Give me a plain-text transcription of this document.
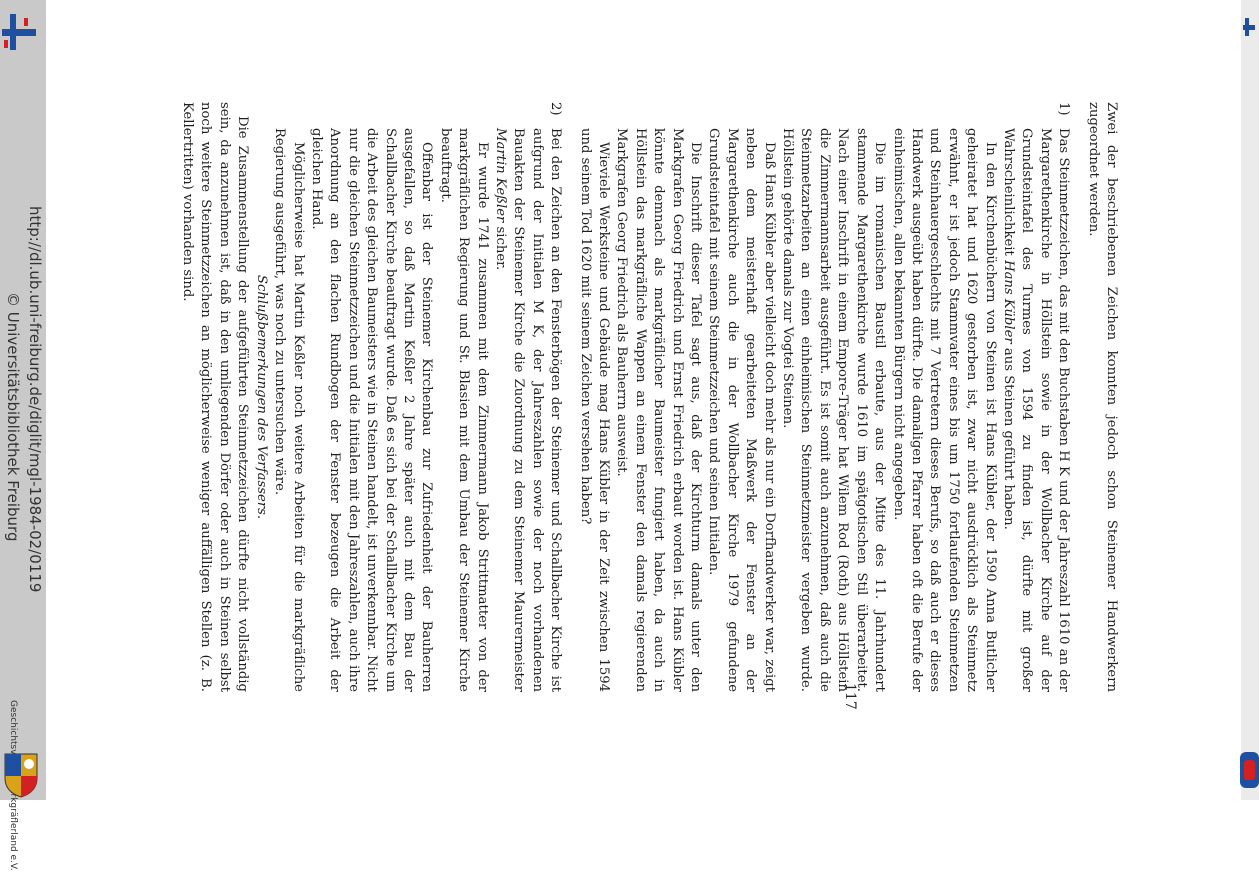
http://dl.ub.uni-freiburg.de/diglit/mgl-1984-02/0119
© Universitätsbibliothek Freiburg	Zwei der beschriebenen Zeichen konnten jedoch schon Steinemer Handwerkern zugeordnet werden.

1)

Das Steinmetzzeichen, das mit den Buchstaben H K und der Jahreszahl 1610 an der Margarethenkirche in Höllstein sowie in der Wollbacher Kirche auf der Grundsteintafel des Turmes von 1594 zu finden ist, dürfte mit großer Wahrscheinlichkeit Hans Kübler aus Steinen geführt haben.

In den Kirchenbüchern von Steinen ist Hans Kübler, der 1590 Anna Butlicher geheiratet hat und 1620 gestorben ist, zwar nicht ausdrücklich als Steinmetz erwähnt, er ist jedoch Stammvater eines bis um 1750 fortlaufenden Steinmetzen und Steinhauergeschlechts mit 7 Vertretern dieses Berufs, so daß auch er dieses Handwerk ausgeübt haben dürfte. Die damaligen Pfarrer haben oft die Berufe der einheimischen, allen bekannten Bürgern nicht angegeben.

Die im romanischen Baustil erbaute, aus der Mitte des 11. Jahrhundert stammende Margarethenkirche wurde 1610 im spätgotischen Stil überarbeitet. Nach einer Inschrift in einem Empore-Träger hat Wilem Rod (Roth) aus Höllstein die Zimmermannsarbeit ausgeführt. Es ist somit auch anzunehmen, daß auch die Steinmetzarbeiten an einen einheimischen Steinmetzmeister vergeben wurde. Höllstein gehörte damals zur Vogtei Steinen.

Daß Hans Kübler aber vielleicht doch mehr als nur ein Dorfhandwerker war, zeigt neben dem meisterhaft gearbeiteten Maßwerk der Fenster an der Margarethenkirche auch die in der Wollbacher Kirche 1979 gefundene Grundsteintafel mit seinem Steinmetzzeichen und seinen Initialen.

Die Inschrift dieser Tafel sagt aus, daß der Kirchturm damals unter den Markgrafen Georg Friedrich und Ernst Friedrich erbaut worden ist. Hans Kübler könnte demnach als markgräflicher Baumeister fungiert haben, da auch in Höllstein das markgräfliche Wappen an einem Fenster den damals regierenden Markgrafen Georg Friedrich als Bauherrn ausweist.

Wieviele Werksteine und Gebäude mag Hans Kübler in der Zeit zwischen 1594 und seinem Tod 1620 mit seinem Zeichen versehen haben?

2)

Bei den Zeichen an den Fensterbögen der Steinemer und Schallbacher Kirche ist aufgrund der Initialen M K, der Jahreszahlen sowie der noch vorhandenen Bauakten der Steinemer Kirche die Zuordnung zu dem Steinemer Maurermeister Martin Keßler sicher.

Er wurde 1741 zusammen mit dem Zimmermann Jakob Strittmatter von der markgräflichen Regierung und St. Blasien mit dem Umbau der Steinemer Kirche beauftragt.

Offenbar ist der Steinemer Kirchenbau zur Zufriedenheit der Bauherren ausgefallen, so daß Martin Keßler 2 Jahre später auch mit dem Bau der Schallbacher Kirche beauftragt wurde. Daß es sich bei der Schallbacher Kirche um die Arbeit des gleichen Baumeisters wie in Steinen handelt, ist unverkennbar. Nicht nur die gleichen Steinmetzzeichen und die Initialen mit den Jahreszahlen, auch ihre Anordnung an den flachen Rundbogen der Fenster bezeugen die Arbeit der gleichen Hand.

Möglicherweise hat Martin Keßler noch weitere Arbeiten für die markgräfliche Regierung ausgeführt, was noch zu untersuchen wäre.

Schlußbemerkungen des Verfassers.

Die Zusammenstellung der aufgeführten Steinmetzzeichen dürfte nicht vollständig sein, da anzunehmen ist, daß in den umliegenden Dörfer oder auch in Steinen selbst noch weitere Steinmetzzeichen an möglicherweise weniger auffälligen Stellen (z. B. Kellertritten) vorhanden sind.

117
